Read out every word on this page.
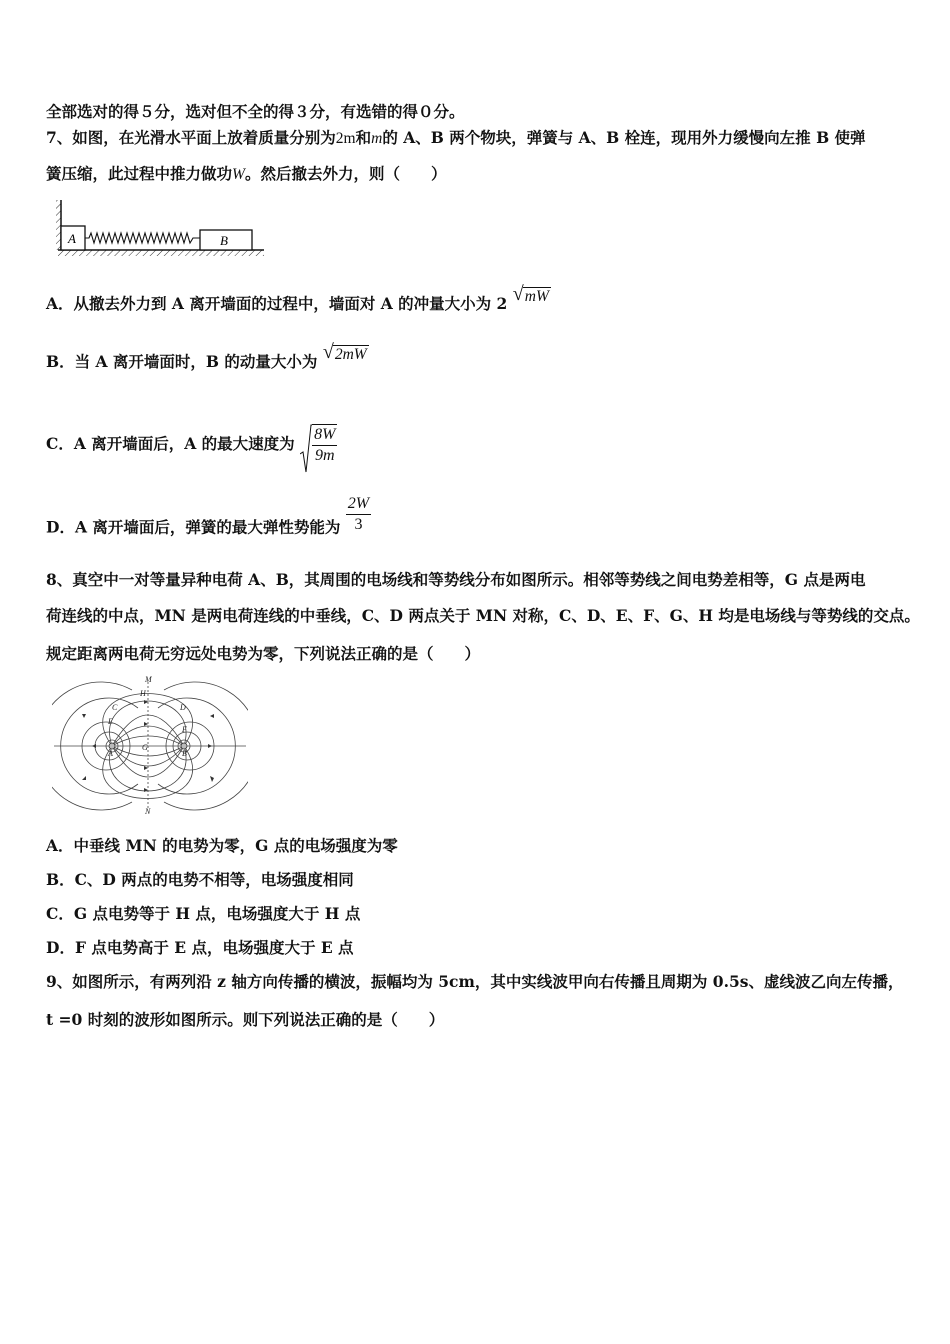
全部选对的得５分，选对但不全的得３分，有选错的得０分。
7、如图，在光滑水平面上放着质量分别为2m和m的 A、B 两个物块，弹簧与 A、B 栓连，现用外力缓慢向左推 B 使弹
簧压缩，此过程中推力做功W。然后撤去外力，则（　　）
A	B
A．从撤去外力到 A 离开墙面的过程中，墙面对 A 的冲量大小为 2 √ mW
B．当 A 离开墙面时，B 的动量大小为 √ 2mW
C．A 离开墙面后，A 的最大速度为 $\frac{8W}{9m}$
D．A 离开墙面后，弹簧的最大弹性势能为 $\frac{2W}{3}$
8、真空中一对等量异种电荷 A、B，其周围的电场线和等势线分布如图所示。相邻等势线之间电势差相等，G 点是两电
荷连线的中点，MN 是两电荷连线的中垂线，C、D 两点关于 MN 对称，C、D、E、F、G、H 均是电场线与等势线的交点。
规定距离两电荷无穷远处电势为零，下列说法正确的是（　　）
M
N
H
C	D
E
F
G
A	B
A．中垂线 MN 的电势为零，G 点的电场强度为零
B．C、D 两点的电势不相等，电场强度相同
C．G 点电势等于 H 点，电场强度大于 H 点
D．F 点电势高于 E 点，电场强度大于 E 点
9、如图所示，有两列沿 z 轴方向传播的横波，振幅均为 5cm，其中实线波甲向右传播且周期为 0.5s、虚线波乙向左传播，
t =0 时刻的波形如图所示。则下列说法正确的是（　　）
